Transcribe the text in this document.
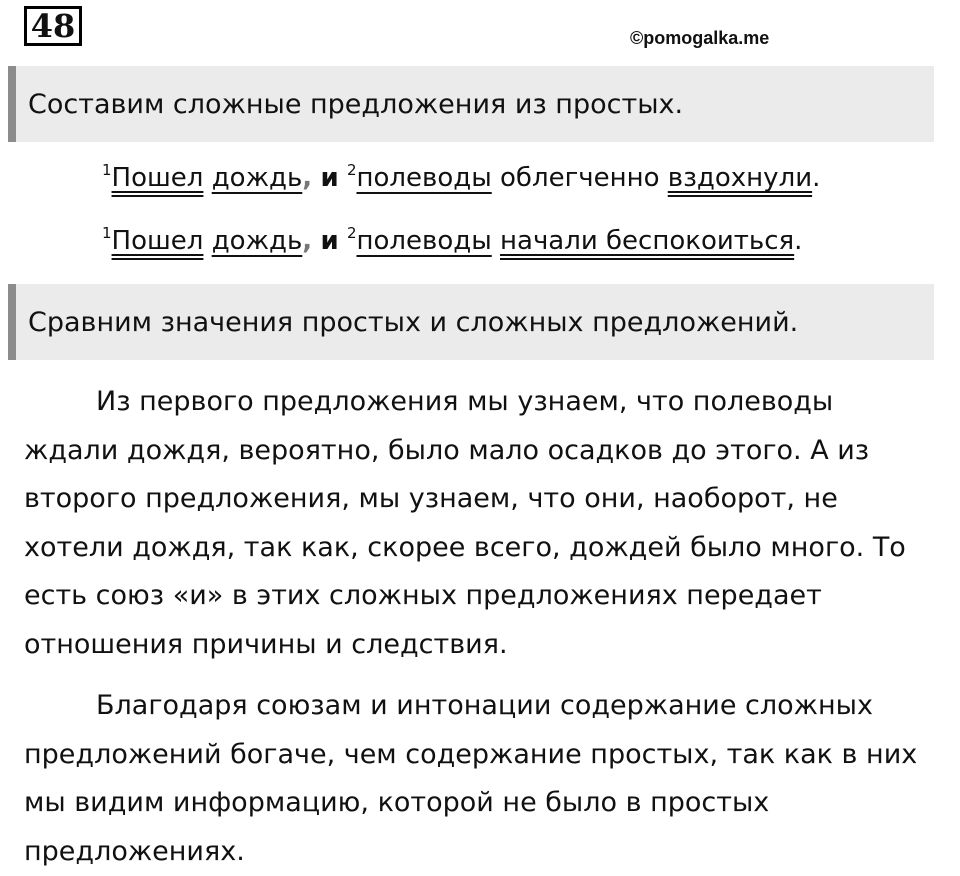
48	©pomogalka.me
Составим сложные предложения из простых.
$^1$Пошел дождь, и $^2$полеводы облегченно вздохнули.
$^1$Пошел дождь, и $^2$полеводы начали беспокоиться.
Сравним значения простых и сложных предложений.

Из первого предложения мы узнаем, что полеводы ждали дождя, вероятно, было мало осадков до этого. А из второго предложения, мы узнаем, что они, наоборот, не хотели дождя, так как, скорее всего, дождей было много. То есть союз «и» в этих сложных предложениях передает отношения причины и следствия.

Благодаря союзам и интонации содержание сложных предложений богаче, чем содержание простых, так как в них мы видим информацию, которой не было в простых предложениях.
